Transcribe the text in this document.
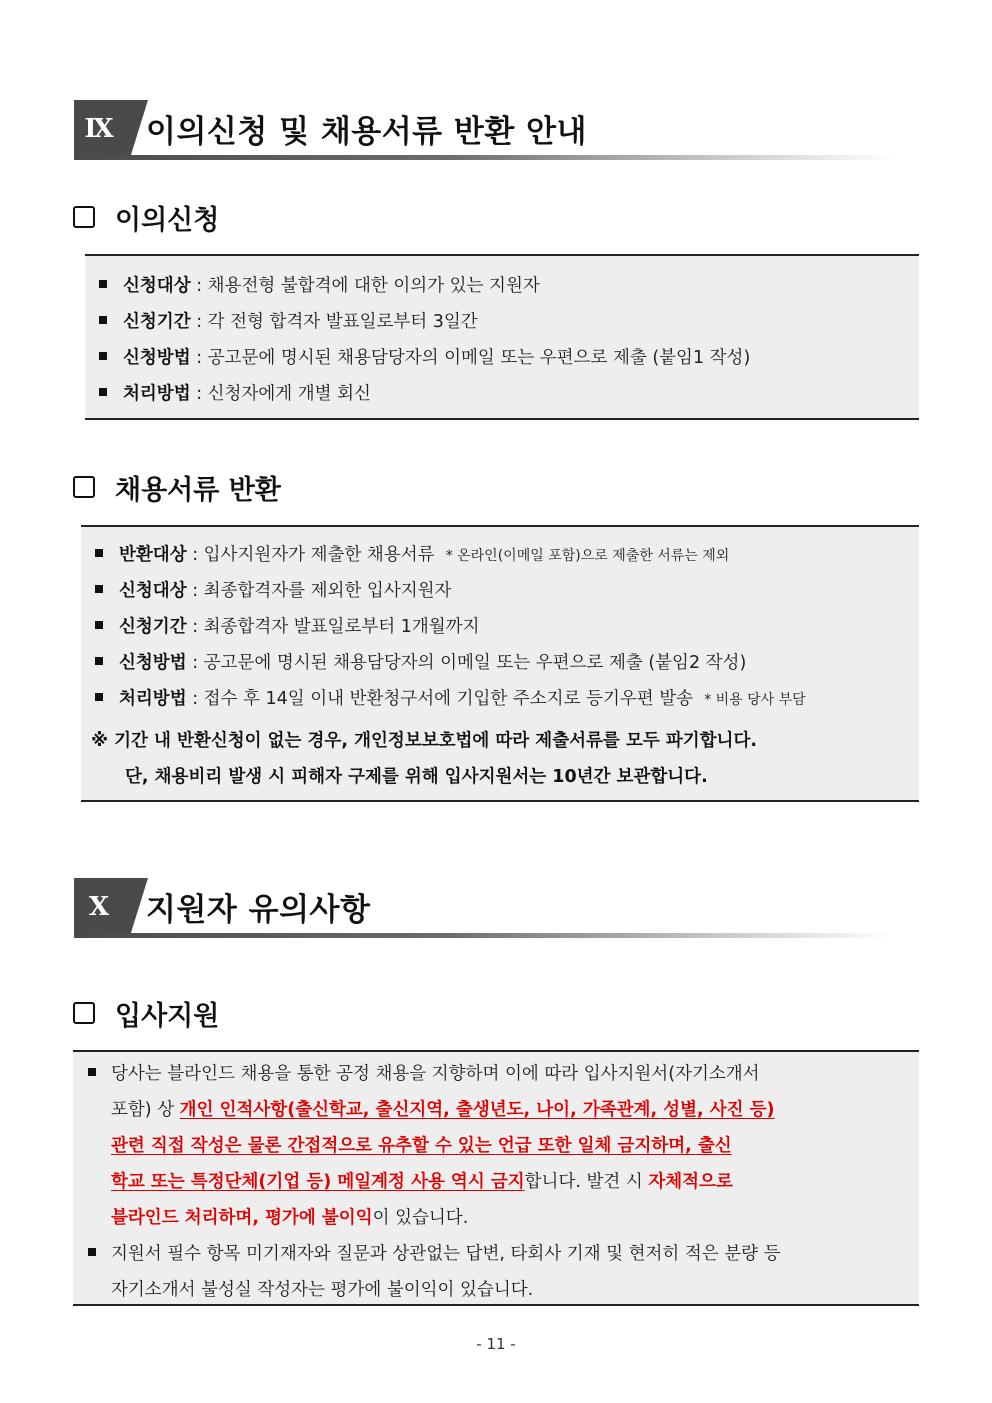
Ⅸ	이의신청 및 채용서류 반환 안내
이의신청
신청대상 : 채용전형 불합격에 대한 이의가 있는 지원자
신청기간 : 각 전형 합격자 발표일로부터 3일간
신청방법 : 공고문에 명시된 채용담당자의 이메일 또는 우편으로 제출 (붙임1 작성)
처리방법 : 신청자에게 개별 회신
채용서류 반환
반환대상 : 입사지원자가 제출한 채용서류 * 온라인(이메일 포함)으로 제출한 서류는 제외
신청대상 : 최종합격자를 제외한 입사지원자
신청기간 : 최종합격자 발표일로부터 1개월까지
신청방법 : 공고문에 명시된 채용담당자의 이메일 또는 우편으로 제출 (붙임2 작성)
처리방법 : 접수 후 14일 이내 반환청구서에 기입한 주소지로 등기우편 발송 * 비용 당사 부담
※ 기간 내 반환신청이 없는 경우, 개인정보보호법에 따라 제출서류를 모두 파기합니다.
단, 채용비리 발생 시 피해자 구제를 위해 입사지원서는 10년간 보관합니다.
Ⅹ	지원자 유의사항
입사지원
당사는 블라인드 채용을 통한 공정 채용을 지향하며 이에 따라 입사지원서(자기소개서
포함) 상 개인 인적사항(출신학교, 출신지역, 출생년도, 나이, 가족관계, 성별, 사진 등)
관련 직접 작성은 물론 간접적으로 유추할 수 있는 언급 또한 일체 금지하며, 출신
학교 또는 특정단체(기업 등) 메일계정 사용 역시 금지합니다. 발견 시 자체적으로
블라인드 처리하며, 평가에 불이익이 있습니다.
지원서 필수 항목 미기재자와 질문과 상관없는 답변, 타회사 기재 및 현저히 적은 분량 등
자기소개서 불성실 작성자는 평가에 불이익이 있습니다.
- 11 -
